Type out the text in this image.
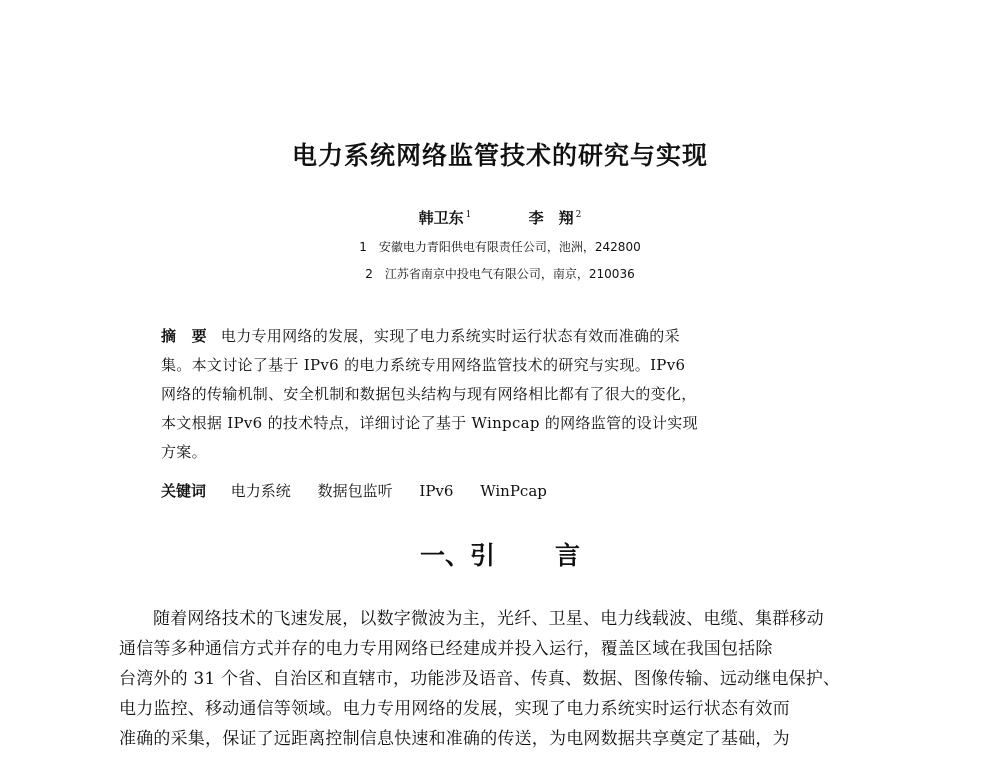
电力系统网络监管技术的研究与实现
韩卫东 $^1$	李　翔 $^2$
1 安徽电力青阳供电有限责任公司，池洲，242800
2 江苏省南京中投电气有限公司，南京，210036
摘　要 电力专用网络的发展，实现了电力系统实时运行状态有效而准确的采
集。本文讨论了基于 IPv6 的电力系统专用网络监管技术的研究与实现。IPv6
网络的传输机制、安全机制和数据包头结构与现有网络相比都有了很大的变化，
本文根据 IPv6 的技术特点，详细讨论了基于 Winpcap 的网络监管的设计实现
方案。
关键词 电力系统 数据包监听 IPv6 WinPcap
一、引 言
随着网络技术的飞速发展，以数字微波为主，光纤、卫星、电力线载波、电缆、集群移动
通信等多种通信方式并存的电力专用网络已经建成并投入运行，覆盖区域在我国包括除
台湾外的 31 个省、自治区和直辖市，功能涉及语音、传真、数据、图像传输、远动继电保护、
电力监控、移动通信等领域。电力专用网络的发展，实现了电力系统实时运行状态有效而
准确的采集，保证了远距离控制信息快速和准确的传送，为电网数据共享奠定了基础，为
